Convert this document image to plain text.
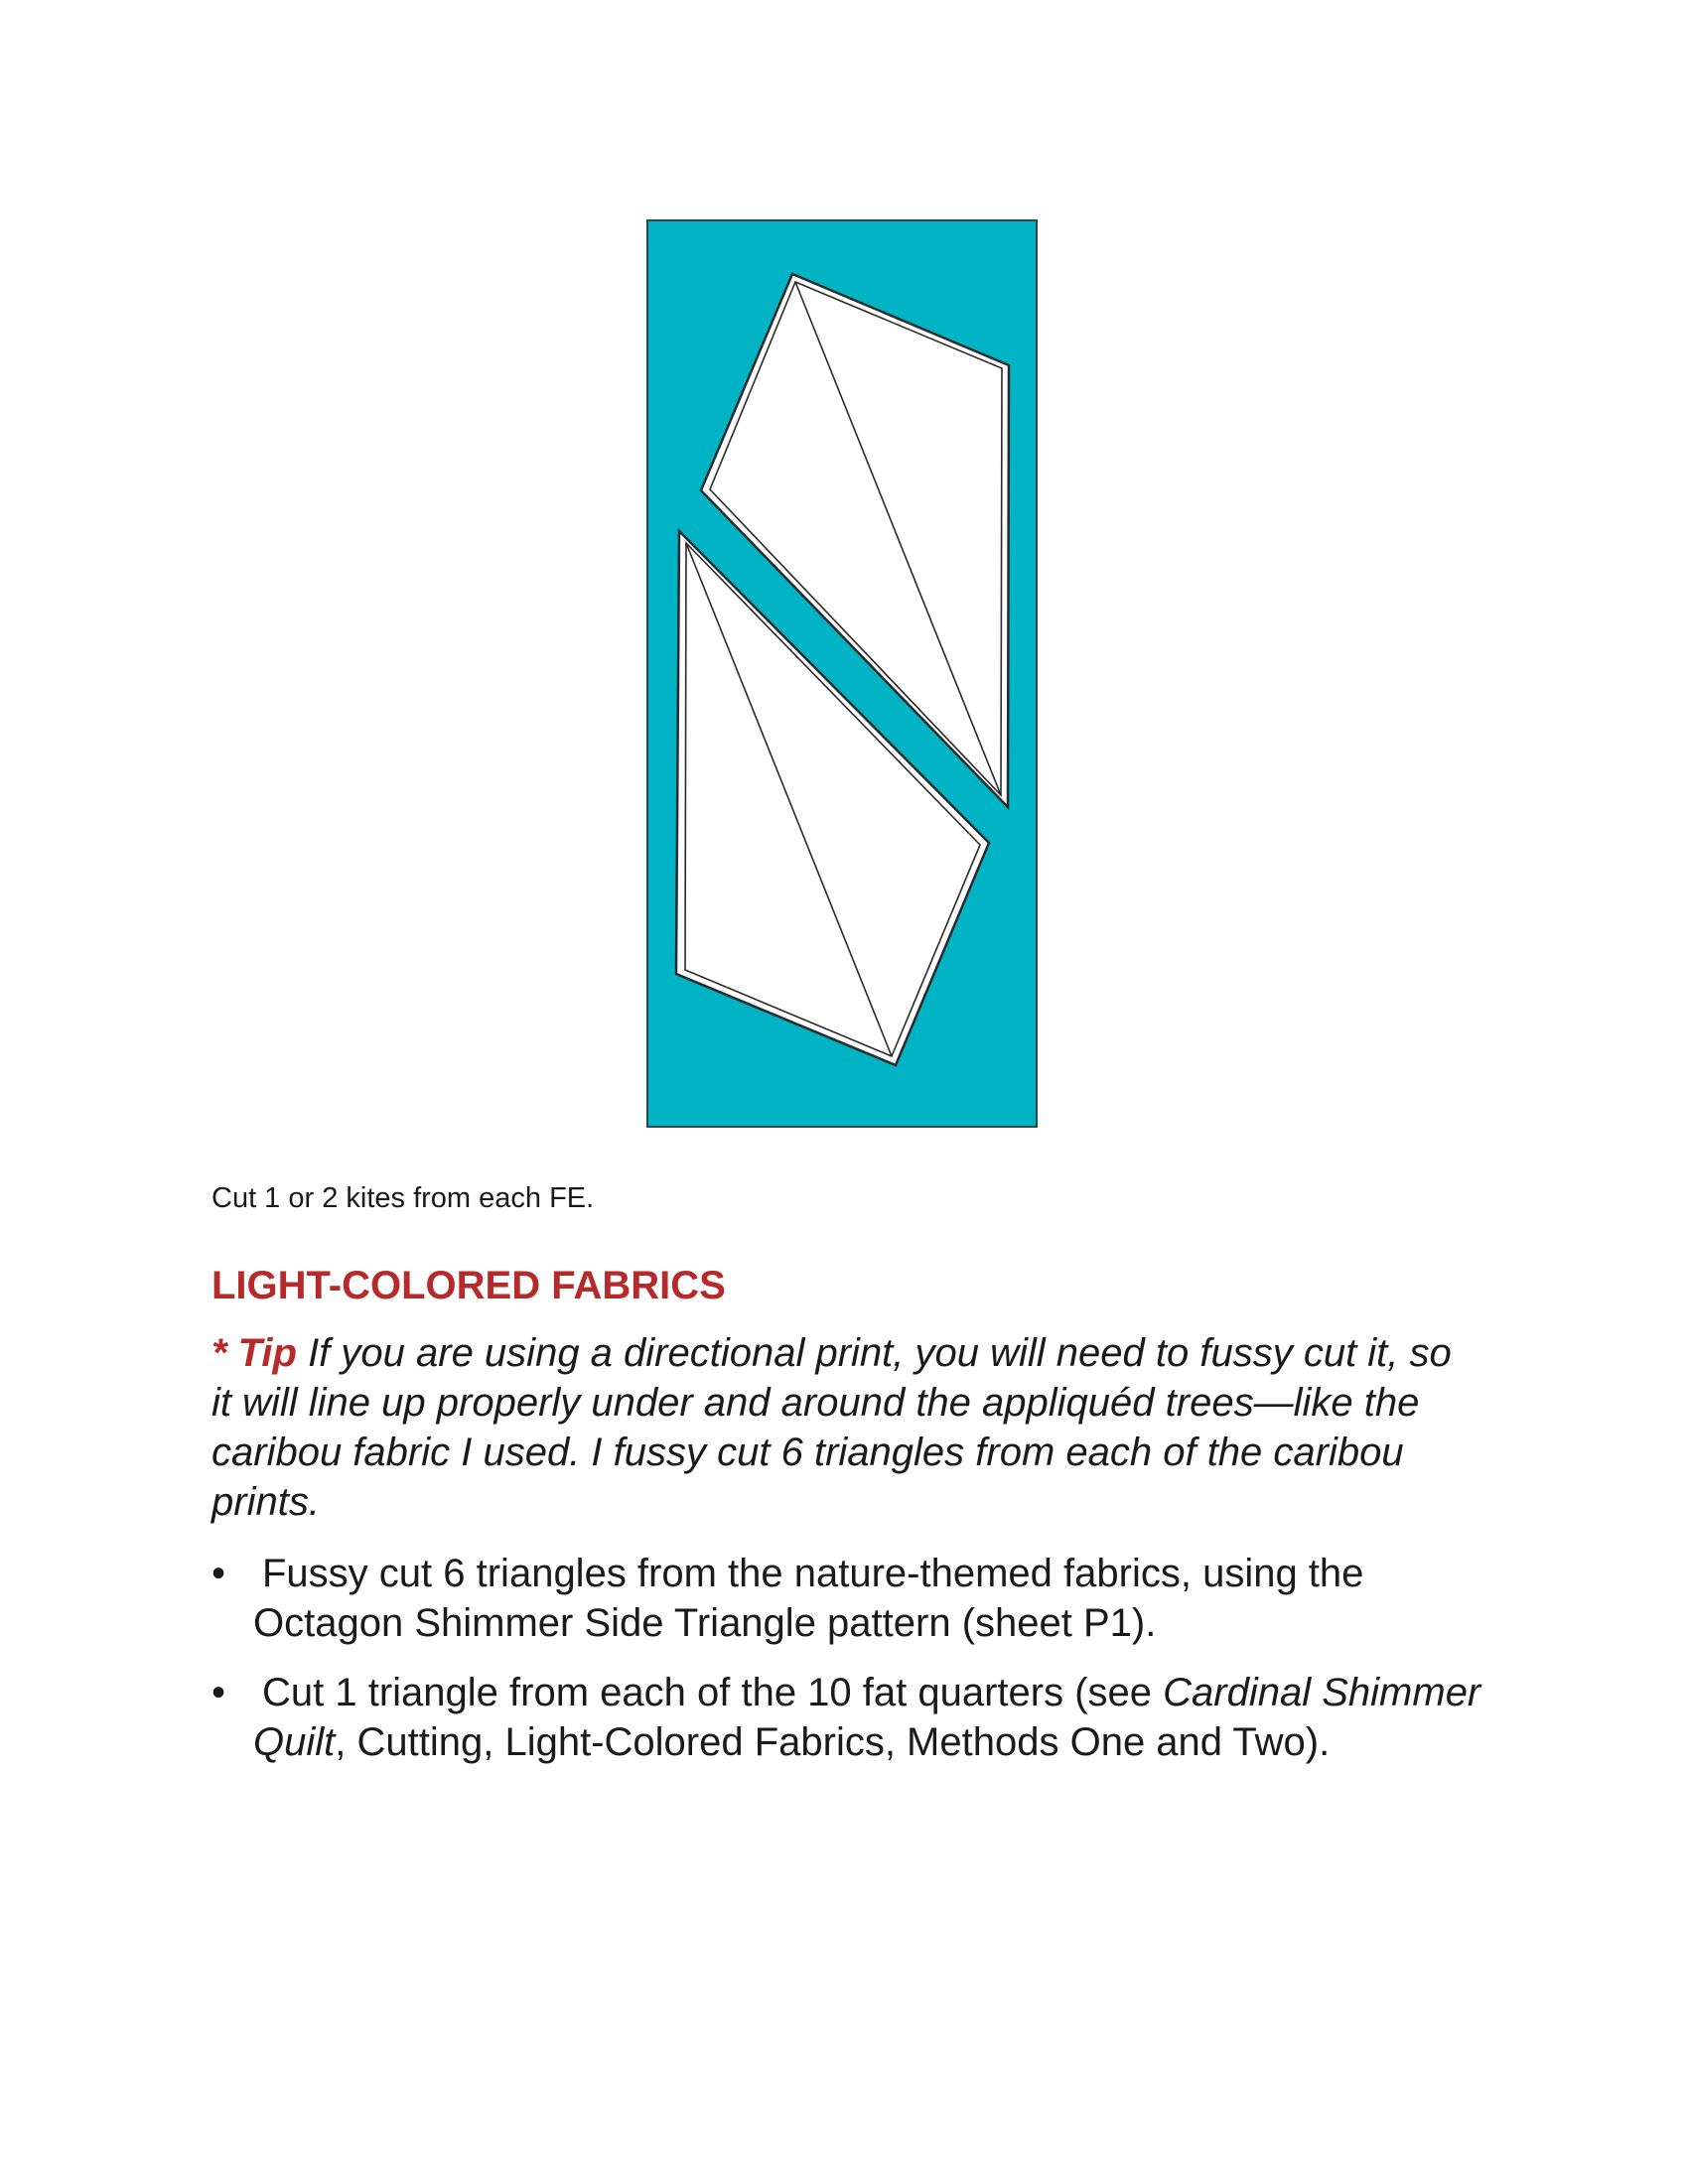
Cut 1 or 2 kites from each FE.
LIGHT-COLORED FABRICS
* Tip If you are using a directional print, you will need to fussy cut it, so it will line up properly under and around the appliquéd trees—like the caribou fabric I used. I fussy cut 6 triangles from each of the caribou prints.
• Fussy cut 6 triangles from the nature-themed fabrics, using the Octagon Shimmer Side Triangle pattern (sheet P1).
• Cut 1 triangle from each of the 10 fat quarters (see Cardinal Shimmer Quilt, Cutting, Light-Colored Fabrics, Methods One and Two).
